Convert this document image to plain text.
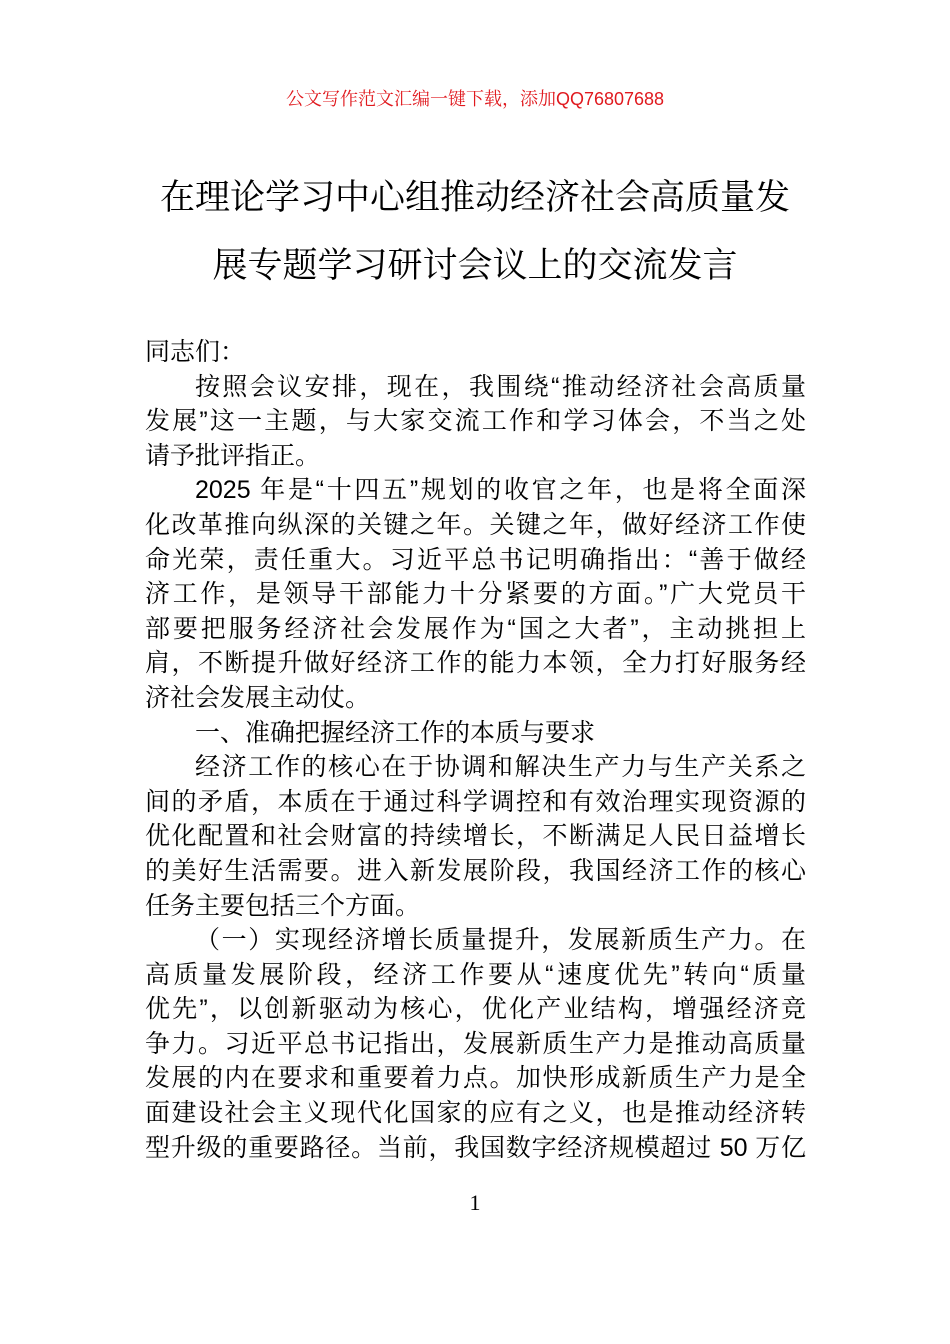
公文写作范文汇编一键下载，添加QQ76807688
在理论学习中心组推动经济社会高质量发
展专题学习研讨会议上的交流发言
同志们：
按照会议安排，现在，我围绕“推动经济社会高质量
发展”这一主题，与大家交流工作和学习体会，不当之处
请予批评指正。
2025 年是“十四五”规划的收官之年，也是将全面深
化改革推向纵深的关键之年。关键之年，做好经济工作使
命光荣，责任重大。习近平总书记明确指出：“善于做经
济工作，是领导干部能力十分紧要的方面。”广大党员干
部要把服务经济社会发展作为“国之大者”，主动挑担上
肩，不断提升做好经济工作的能力本领，全力打好服务经
济社会发展主动仗。
一、准确把握经济工作的本质与要求
经济工作的核心在于协调和解决生产力与生产关系之
间的矛盾，本质在于通过科学调控和有效治理实现资源的
优化配置和社会财富的持续增长，不断满足人民日益增长
的美好生活需要。进入新发展阶段，我国经济工作的核心
任务主要包括三个方面。
（一）实现经济增长质量提升，发展新质生产力。在
高质量发展阶段，经济工作要从“速度优先”转向“质量
优先”，以创新驱动为核心，优化产业结构，增强经济竞
争力。习近平总书记指出，发展新质生产力是推动高质量
发展的内在要求和重要着力点。加快形成新质生产力是全
面建设社会主义现代化国家的应有之义，也是推动经济转
型升级的重要路径。当前，我国数字经济规模超过 50 万亿
1
